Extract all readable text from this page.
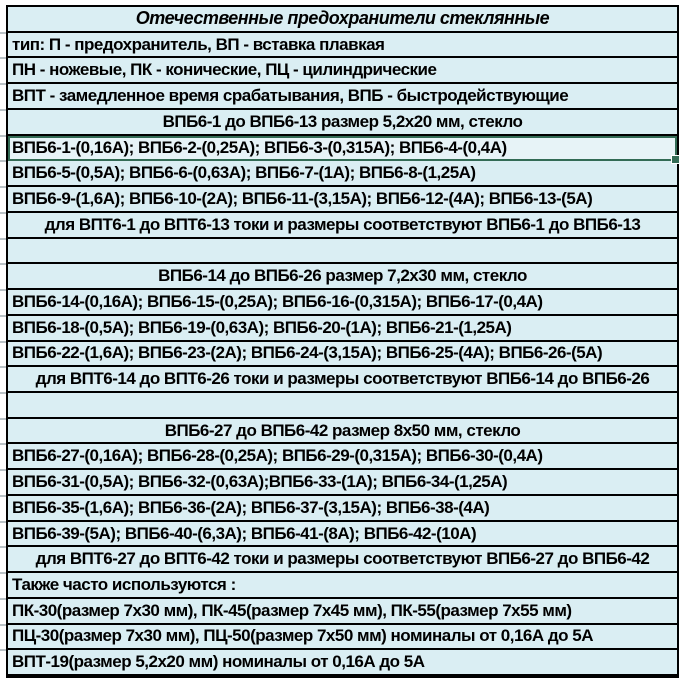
Отечественные предохранители стеклянные
тип: П - предохранитель, ВП - вставка плавкая
ПН - ножевые, ПК - конические, ПЦ - цилиндрические
ВПТ - замедленное время срабатывания, ВПБ - быстродействующие
ВПБ6-1 до ВПБ6-13 размер 5,2х20 мм, стекло
ВПБ6-1-(0,16А); ВПБ6-2-(0,25А); ВПБ6-3-(0,315А); ВПБ6-4-(0,4А)
ВПБ6-5-(0,5А); ВПБ6-6-(0,63А); ВПБ6-7-(1А); ВПБ6-8-(1,25А)
ВПБ6-9-(1,6А); ВПБ6-10-(2А); ВПБ6-11-(3,15А); ВПБ6-12-(4А); ВПБ6-13-(5А)
для ВПТ6-1 до ВПТ6-13 токи и размеры соответствуют ВПБ6-1 до ВПБ6-13
ВПБ6-14 до ВПБ6-26 размер 7,2х30 мм, стекло
ВПБ6-14-(0,16А); ВПБ6-15-(0,25А); ВПБ6-16-(0,315А); ВПБ6-17-(0,4А)
ВПБ6-18-(0,5А); ВПБ6-19-(0,63А); ВПБ6-20-(1А); ВПБ6-21-(1,25А)
ВПБ6-22-(1,6А); ВПБ6-23-(2А); ВПБ6-24-(3,15А); ВПБ6-25-(4А); ВПБ6-26-(5А)
для ВПТ6-14 до ВПТ6-26 токи и размеры соответствуют ВПБ6-14 до ВПБ6-26
ВПБ6-27 до ВПБ6-42 размер 8х50 мм, стекло
ВПБ6-27-(0,16А); ВПБ6-28-(0,25А); ВПБ6-29-(0,315А); ВПБ6-30-(0,4А)
ВПБ6-31-(0,5А); ВПБ6-32-(0,63А);ВПБ6-33-(1А); ВПБ6-34-(1,25А)
ВПБ6-35-(1,6А); ВПБ6-36-(2А); ВПБ6-37-(3,15А); ВПБ6-38-(4А)
ВПБ6-39-(5А); ВПБ6-40-(6,3А); ВПБ6-41-(8А); ВПБ6-42-(10А)
для ВПТ6-27 до ВПТ6-42 токи и размеры соответствуют ВПБ6-27 до ВПБ6-42
Также часто используются :
ПК-30(размер 7х30 мм), ПК-45(размер 7х45 мм), ПК-55(размер 7х55 мм)
ПЦ-30(размер 7х30 мм), ПЦ-50(размер 7х50 мм) номиналы от 0,16А до 5А
ВПТ-19(размер 5,2х20 мм) номиналы от 0,16А до 5А
